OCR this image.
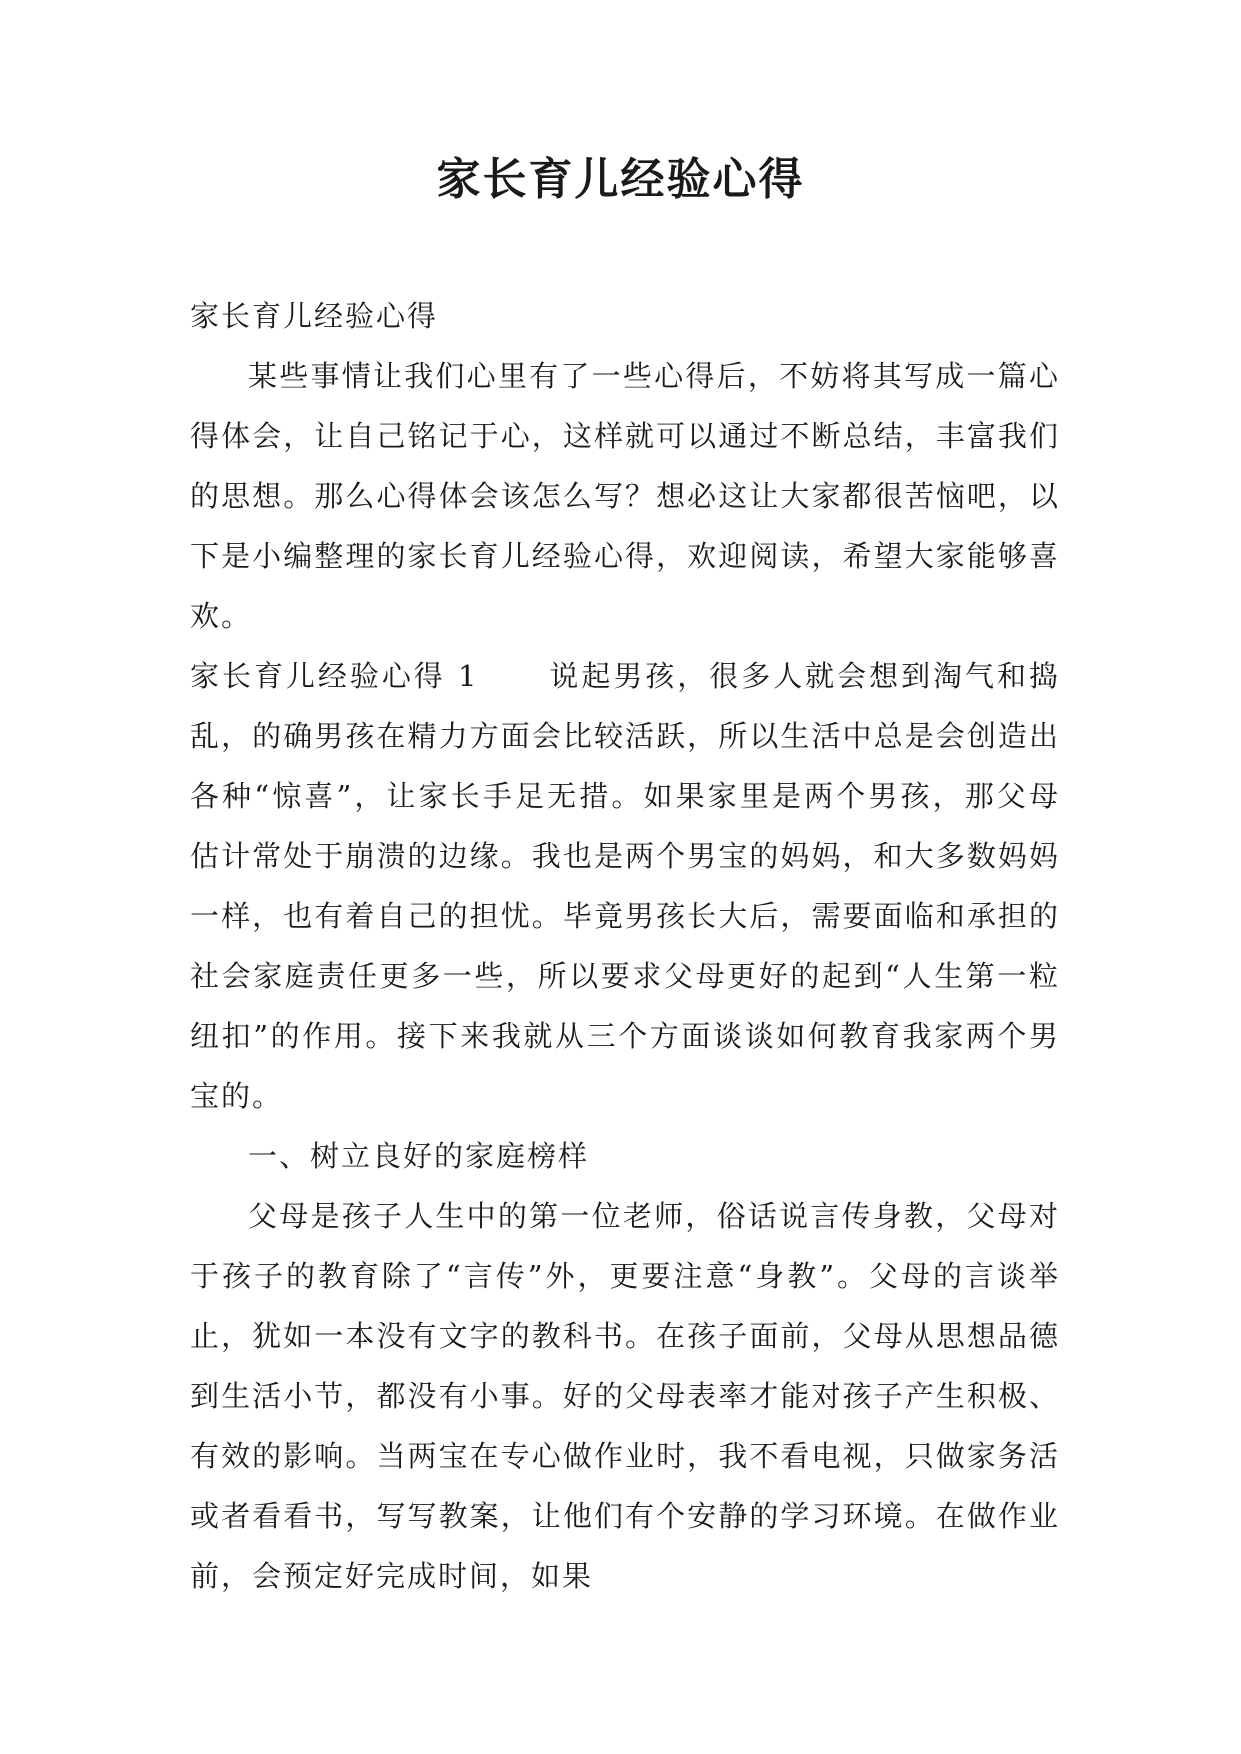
家长育儿经验心得

家长育儿经验心得

某些事情让我们心里有了一些心得后，不妨将其写成一篇心得体会，让自己铭记于心，这样就可以通过不断总结，丰富我们的思想。那么心得体会该怎么写？想必这让大家都很苦恼吧，以下是小编整理的家长育儿经验心得，欢迎阅读，希望大家能够喜欢。

家长育儿经验心得 1 说起男孩，很多人就会想到淘气和捣乱，的确男孩在精力方面会比较活跃，所以生活中总是会创造出各种“惊喜”，让家长手足无措。如果家里是两个男孩，那父母估计常处于崩溃的边缘。我也是两个男宝的妈妈，和大多数妈妈一样，也有着自己的担忧。毕竟男孩长大后，需要面临和承担的社会家庭责任更多一些，所以要求父母更好的起到“人生第一粒纽扣”的作用。接下来我就从三个方面谈谈如何教育我家两个男宝的。

一、树立良好的家庭榜样

父母是孩子人生中的第一位老师，俗话说言传身教，父母对于孩子的教育除了“言传”外，更要注意“身教”。父母的言谈举止，犹如一本没有文字的教科书。在孩子面前，父母从思想品德到生活小节，都没有小事。好的父母表率才能对孩子产生积极、有效的影响。当两宝在专心做作业时，我不看电视，只做家务活或者看看书，写写教案，让他们有个安静的学习环境。在做作业前，会预定好完成时间，如果
